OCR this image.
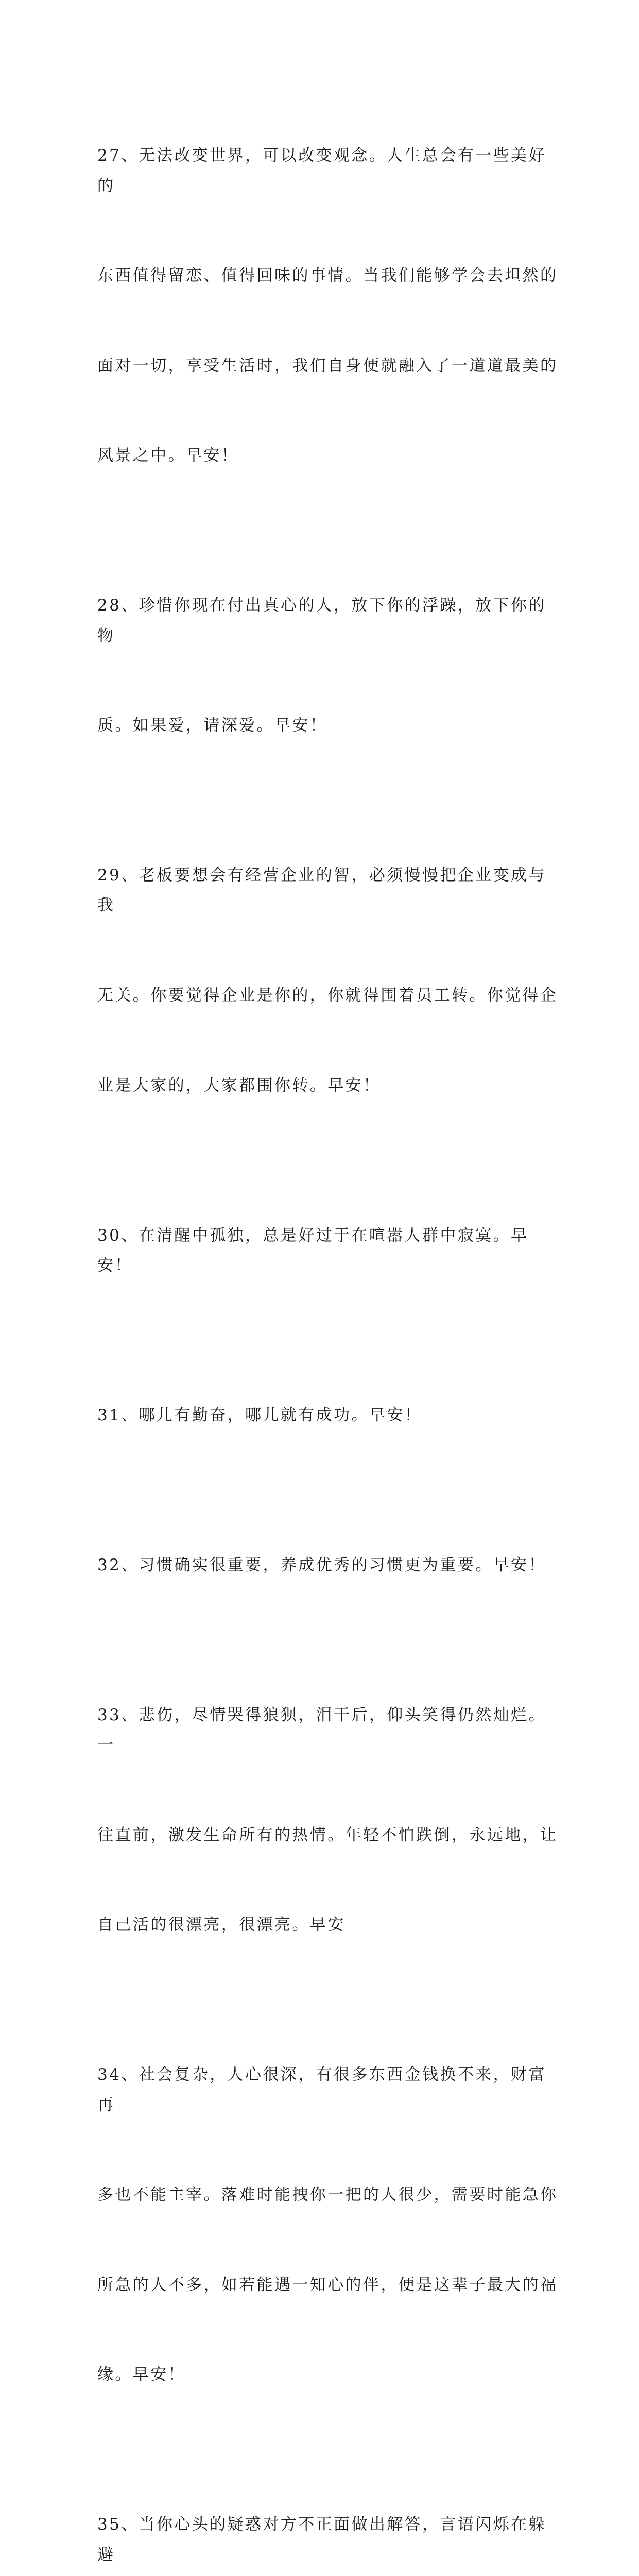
27、无法改变世界，可以改变观念。人生总会有一些美好的

东西值得留恋、值得回味的事情。当我们能够学会去坦然的

面对一切，享受生活时，我们自身便就融入了一道道最美的

风景之中。早安！

28、珍惜你现在付出真心的人，放下你的浮躁，放下你的物

质。如果爱，请深爱。早安！

29、老板要想会有经营企业的智，必须慢慢把企业变成与我

无关。你要觉得企业是你的，你就得围着员工转。你觉得企

业是大家的，大家都围你转。早安！

30、在清醒中孤独，总是好过于在喧嚣人群中寂寞。早安！

31、哪儿有勤奋，哪儿就有成功。早安！

32、习惯确实很重要，养成优秀的习惯更为重要。早安！

33、悲伤，尽情哭得狼狈，泪干后，仰头笑得仍然灿烂。一

往直前，激发生命所有的热情。年轻不怕跌倒，永远地，让

自己活的很漂亮，很漂亮。早安

34、社会复杂，人心很深，有很多东西金钱换不来，财富再

多也不能主宰。落难时能拽你一把的人很少，需要时能急你

所急的人不多，如若能遇一知心的伴，便是这辈子最大的福

缘。早安！

35、当你心头的疑惑对方不正面做出解答，言语闪烁在躲避
